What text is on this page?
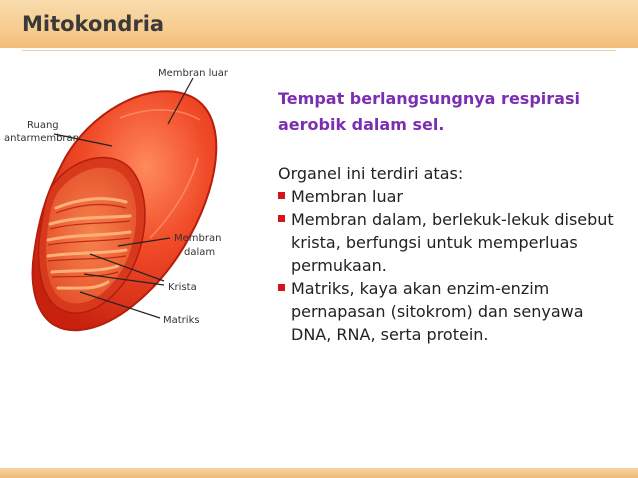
Mitokondria
Membran luar
Ruang
antarmembran
Membran
dalam
Krista
Matriks

Tempat berlangsungnya respirasi
aerobik dalam sel.

Organel ini terdiri atas:

Membran luar
Membran dalam, berlekuk-lekuk disebut krista, berfungsi untuk memperluas permukaan.
Matriks, kaya akan enzim-enzim pernapasan (sitokrom) dan senyawa DNA, RNA, serta protein.
